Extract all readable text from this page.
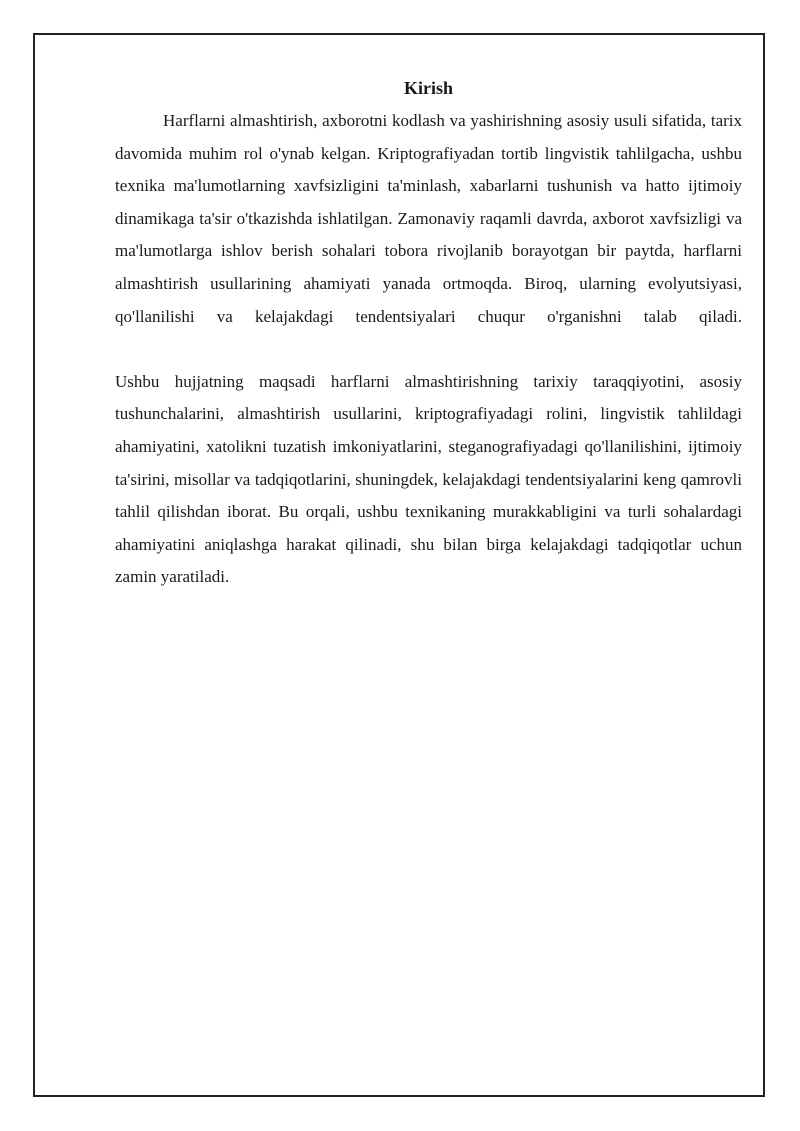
Kirish

Harflarni almashtirish, axborotni kodlash va yashirishning asosiy usuli sifatida, tarix davomida muhim rol o'ynab kelgan. Kriptografiyadan tortib lingvistik tahlilgacha, ushbu texnika ma'lumotlarning xavfsizligini ta'minlash, xabarlarni tushunish va hatto ijtimoiy dinamikaga ta'sir o'tkazishda ishlatilgan. Zamonaviy raqamli davrda, axborot xavfsizligi va ma'lumotlarga ishlov berish sohalari tobora rivojlanib borayotgan bir paytda, harflarni almashtirish usullarining ahamiyati yanada ortmoqda. Biroq, ularning evolyutsiyasi, qo'llanilishi va kelajakdagi tendentsiyalari chuqur o'rganishni talab qiladi.

Ushbu hujjatning maqsadi harflarni almashtirishning tarixiy taraqqiyotini, asosiy tushunchalarini, almashtirish usullarini, kriptografiyadagi rolini, lingvistik tahlildagi ahamiyatini, xatolikni tuzatish imkoniyatlarini, steganografiyadagi qo'llanilishini, ijtimoiy ta'sirini, misollar va tadqiqotlarini, shuningdek, kelajakdagi tendentsiyalarini keng qamrovli tahlil qilishdan iborat. Bu orqali, ushbu texnikaning murakkabligini va turli sohalardagi ahamiyatini aniqlashga harakat qilinadi, shu bilan birga kelajakdagi tadqiqotlar uchun zamin yaratiladi.
